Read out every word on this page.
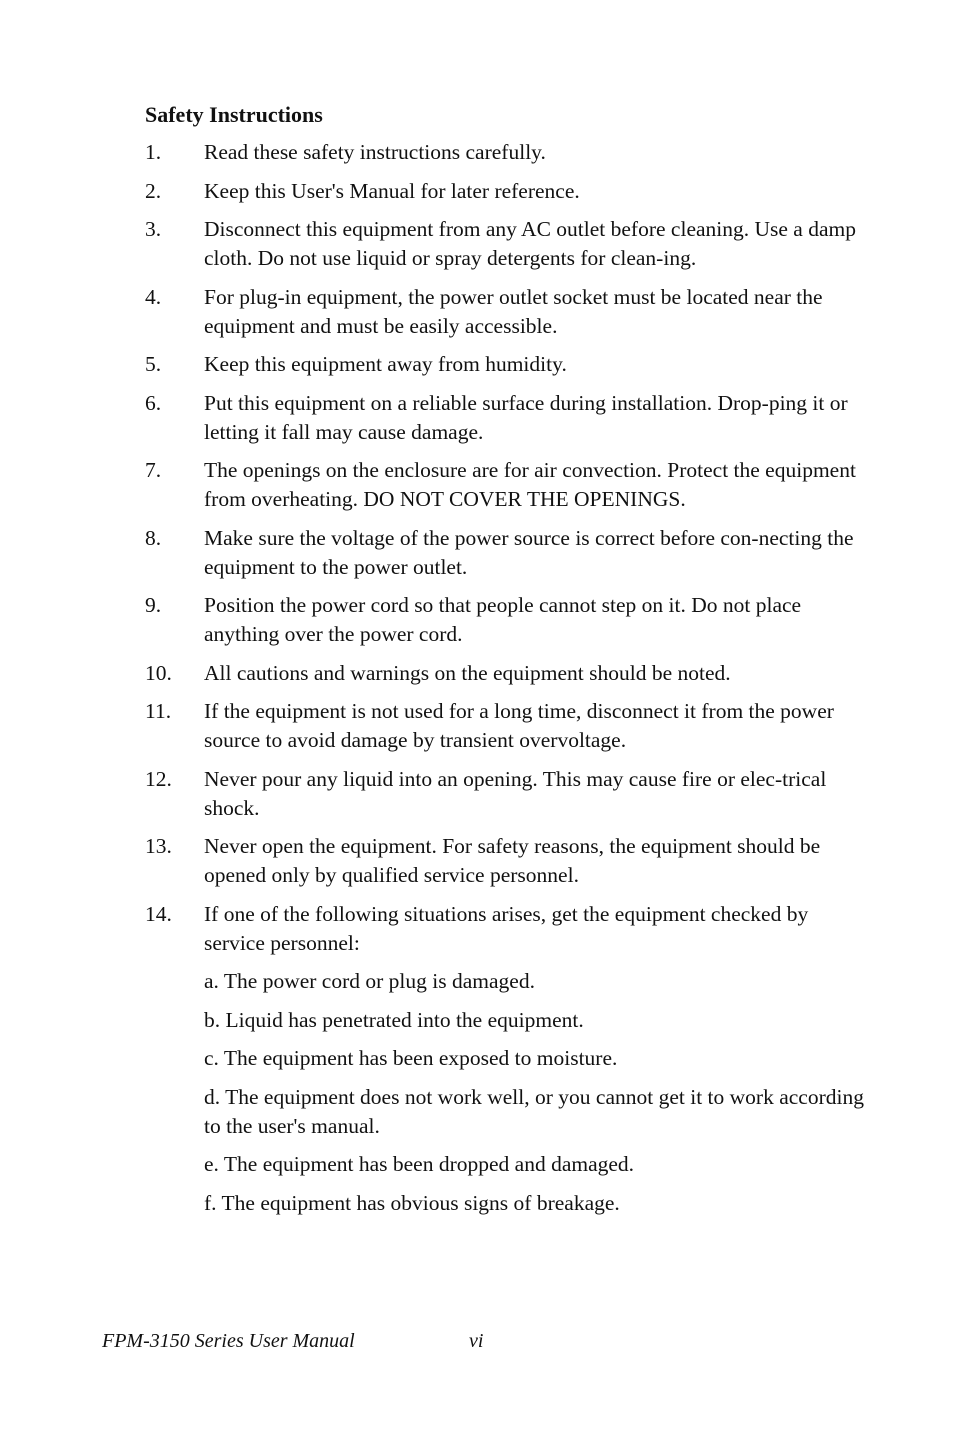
Safety Instructions
1.	Read these safety instructions carefully.
2.	Keep this User's Manual for later reference.
3.	Disconnect this equipment from any AC outlet before cleaning. Use a damp cloth. Do not use liquid or spray detergents for clean-ing.
4.	For plug-in equipment, the power outlet socket must be located near the equipment and must be easily accessible.
5.	Keep this equipment away from humidity.
6.	Put this equipment on a reliable surface during installation. Drop-ping it or letting it fall may cause damage.
7.	The openings on the enclosure are for air convection. Protect the equipment from overheating. DO NOT COVER THE OPENINGS.
8.	Make sure the voltage of the power source is correct before con-necting the equipment to the power outlet.
9.	Position the power cord so that people cannot step on it. Do not place anything over the power cord.
10.	All cautions and warnings on the equipment should be noted.
11.	If the equipment is not used for a long time, disconnect it from the power source to avoid damage by transient overvoltage.
12.	Never pour any liquid into an opening. This may cause fire or elec-trical shock.
13.	Never open the equipment. For safety reasons, the equipment should be opened only by qualified service personnel.
14.	If one of the following situations arises, get the equipment checked by service personnel:
a. The power cord or plug is damaged.
b. Liquid has penetrated into the equipment.
c. The equipment has been exposed to moisture.
d. The equipment does not work well, or you cannot get it to work according to the user's manual.
e. The equipment has been dropped and damaged.
f. The equipment has obvious signs of breakage.
FPM-3150 Series User Manual	vi
